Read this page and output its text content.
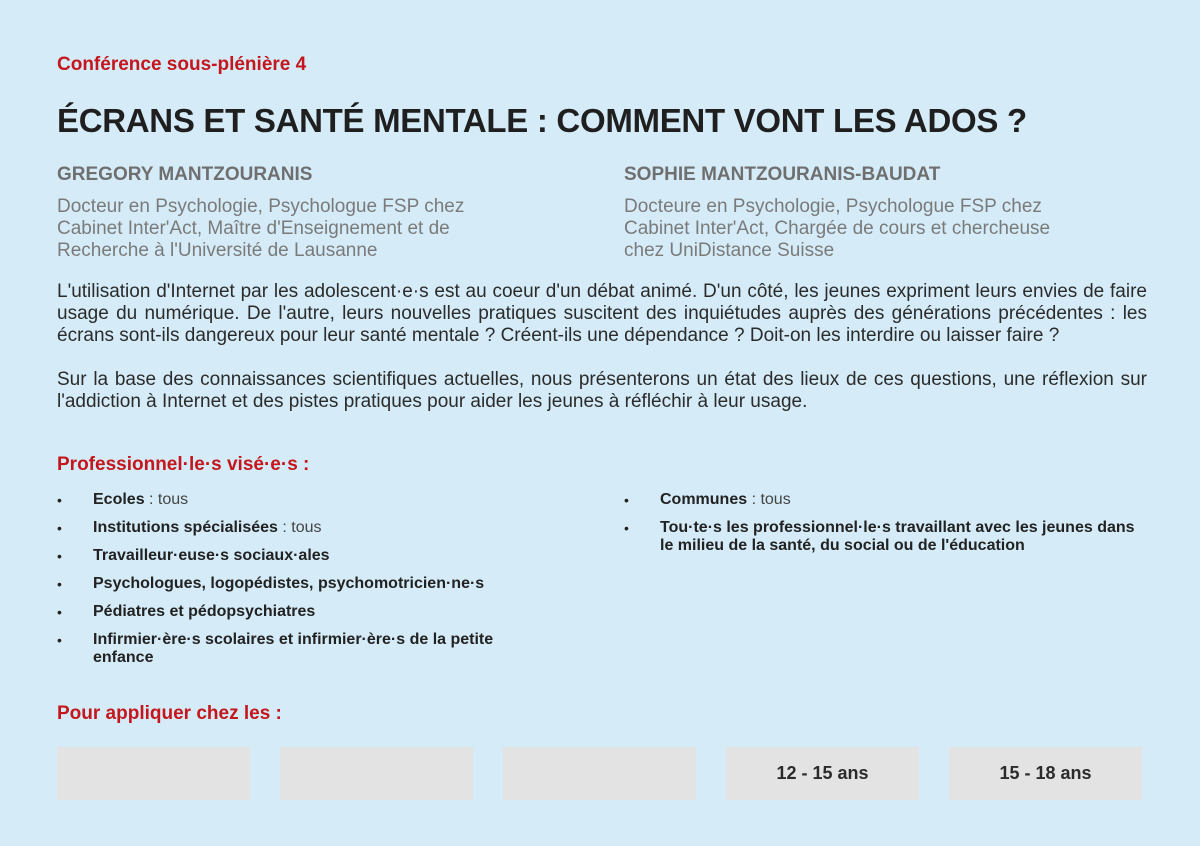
Conférence sous-plénière 4
ÉCRANS ET SANTÉ MENTALE : COMMENT VONT LES ADOS ?
GREGORY MANTZOURANIS
Docteur en Psychologie, Psychologue FSP chez
Cabinet Inter'Act, Maître d'Enseignement et de
Recherche à l'Université de Lausanne
SOPHIE MANTZOURANIS-BAUDAT
Docteure en Psychologie, Psychologue FSP chez
Cabinet Inter'Act, Chargée de cours et chercheuse
chez UniDistance Suisse

L'utilisation d'Internet par les adolescent·e·s est au coeur d'un débat animé. D'un côté, les jeunes expriment leurs envies de faire usage du numérique. De l'autre, leurs nouvelles pratiques suscitent des inquiétudes auprès des générations précédentes : les écrans sont-ils dangereux pour leur santé mentale ? Créent-ils une dépendance ? Doit-on les interdire ou laisser faire ?

Sur la base des connaissances scientifiques actuelles, nous présenterons un état des lieux de ces questions, une réflexion sur l'addiction à Internet et des pistes pratiques pour aider les jeunes à réfléchir à leur usage.

Professionnel·le·s visé·e·s :
• Ecoles : tous
• Institutions spécialisées : tous
• Travailleur·euse·s sociaux·ales
• Psychologues, logopédistes, psychomotricien·ne·s
• Pédiatres et pédopsychiatres
• Infirmier·ère·s scolaires et infirmier·ère·s de la petite enfance
• Communes : tous
• Tou·te·s les professionnel·le·s travaillant avec les jeunes dans le milieu de la santé, du social ou de l'éducation
Pour appliquer chez les :
12 - 15 ans	15 - 18 ans
